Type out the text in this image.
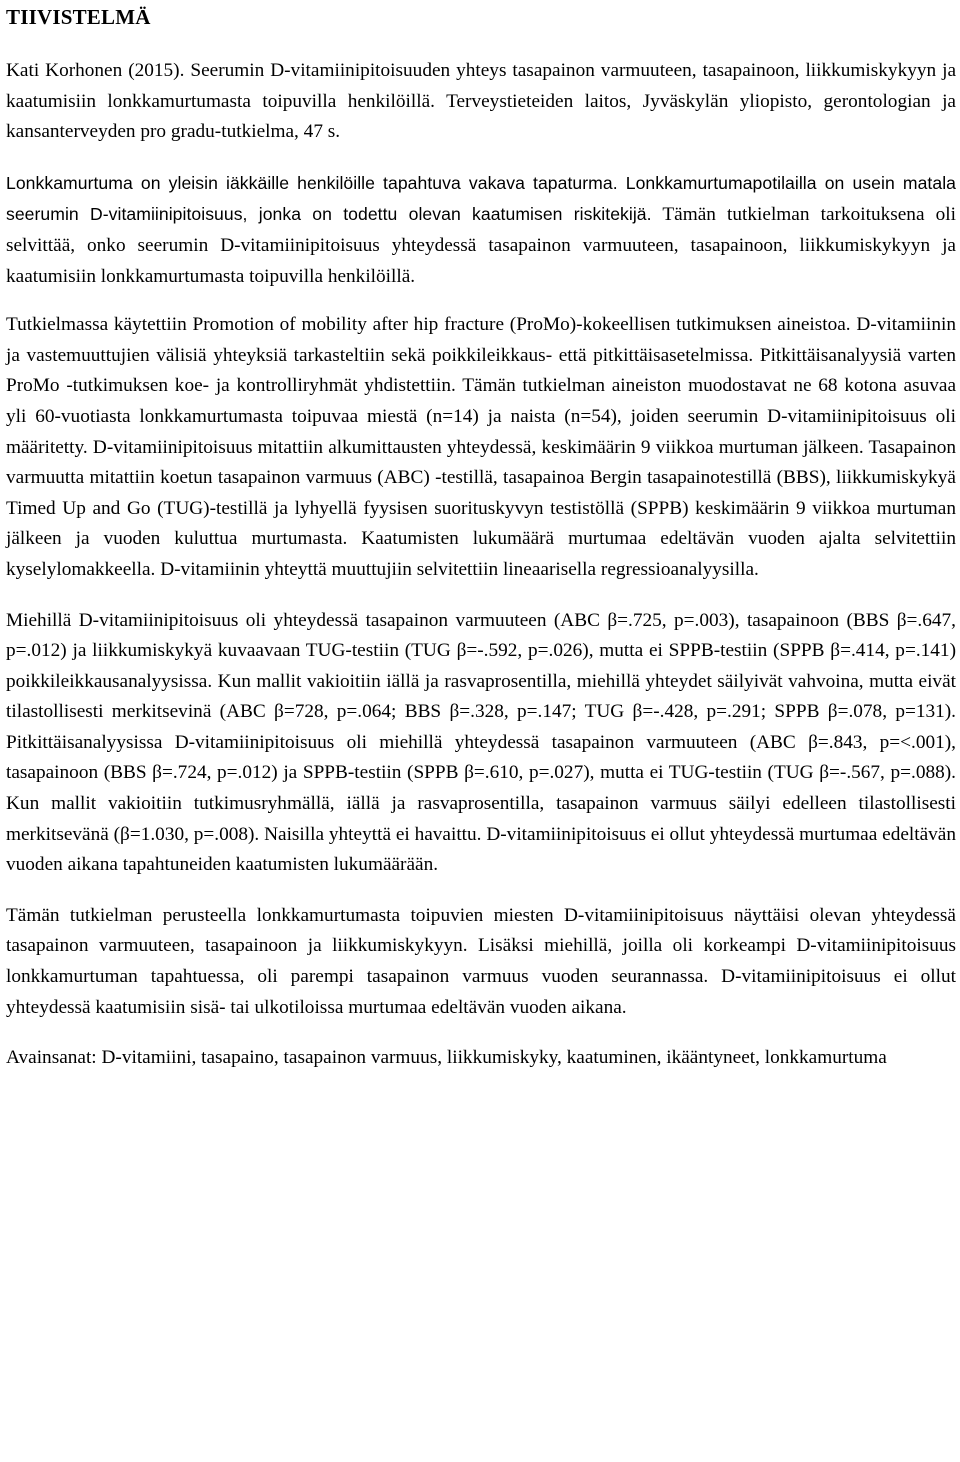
TIIVISTELMÄ

Kati Korhonen (2015). Seerumin D-vitamiinipitoisuuden yhteys tasapainon varmuuteen, tasapainoon, liikkumiskykyyn ja kaatumisiin lonkkamurtumasta toipuvilla henkilöillä. Terveystieteiden laitos, Jyväskylän yliopisto, gerontologian ja kansanterveyden pro gradu-tutkielma, 47 s.

Lonkkamurtuma on yleisin iäkkäille henkilöille tapahtuva vakava tapaturma. Lonkkamurtumapotilailla on usein matala seerumin D-vitamiinipitoisuus, jonka on todettu olevan kaatumisen riskitekijä. Tämän tutkielman tarkoituksena oli selvittää, onko seerumin D-vitamiinipitoisuus yhteydessä tasapainon varmuuteen, tasapainoon, liikkumiskykyyn ja kaatumisiin lonkkamurtumasta toipuvilla henkilöillä.

Tutkielmassa käytettiin Promotion of mobility after hip fracture (ProMo)-kokeellisen tutkimuksen aineistoa. D-vitamiinin ja vastemuuttujien välisiä yhteyksiä tarkasteltiin sekä poikkileikkaus- että pitkittäisasetelmissa. Pitkittäisanalyysiä varten ProMo -tutkimuksen koe- ja kontrolliryhmät yhdistettiin. Tämän tutkielman aineiston muodostavat ne 68 kotona asuvaa yli 60-vuotiasta lonkkamurtumasta toipuvaa miestä (n=14) ja naista (n=54), joiden seerumin D-vitamiinipitoisuus oli määritetty. D-vitamiinipitoisuus mitattiin alkumittausten yhteydessä, keskimäärin 9 viikkoa murtuman jälkeen. Tasapainon varmuutta mitattiin koetun tasapainon varmuus (ABC) -testillä, tasapainoa Bergin tasapainotestillä (BBS), liikkumiskykyä Timed Up and Go (TUG)-testillä ja lyhyellä fyysisen suorituskyvyn testistöllä (SPPB) keskimäärin 9 viikkoa murtuman jälkeen ja vuoden kuluttua murtumasta. Kaatumisten lukumäärä murtumaa edeltävän vuoden ajalta selvitettiin kyselylomakkeella. D-vitamiinin yhteyttä muuttujiin selvitettiin lineaarisella regressioanalyysilla.

Miehillä D-vitamiinipitoisuus oli yhteydessä tasapainon varmuuteen (ABC β=.725, p=.003), tasapainoon (BBS β=.647, p=.012) ja liikkumiskykyä kuvaavaan TUG-testiin (TUG β=-.592, p=.026), mutta ei SPPB-testiin (SPPB β=.414, p=.141) poikkileikkausanalyysissa. Kun mallit vakioitiin iällä ja rasvaprosentilla, miehillä yhteydet säilyivät vahvoina, mutta eivät tilastollisesti merkitsevinä (ABC β=728, p=.064; BBS β=.328, p=.147; TUG β=-.428, p=.291; SPPB β=.078, p=131). Pitkittäisanalyysissa D-vitamiinipitoisuus oli miehillä yhteydessä tasapainon varmuuteen (ABC β=.843, p=<.001), tasapainoon (BBS β=.724, p=.012) ja SPPB-testiin (SPPB β=.610, p=.027), mutta ei TUG-testiin (TUG β=-.567, p=.088). Kun mallit vakioitiin tutkimusryhmällä, iällä ja rasvaprosentilla, tasapainon varmuus säilyi edelleen tilastollisesti merkitsevänä (β=1.030, p=.008). Naisilla yhteyttä ei havaittu. D-vitamiinipitoisuus ei ollut yhteydessä murtumaa edeltävän vuoden aikana tapahtuneiden kaatumisten lukumäärään.

Tämän tutkielman perusteella lonkkamurtumasta toipuvien miesten D-vitamiinipitoisuus näyttäisi olevan yhteydessä tasapainon varmuuteen, tasapainoon ja liikkumiskykyyn. Lisäksi miehillä, joilla oli korkeampi D-vitamiinipitoisuus lonkkamurtuman tapahtuessa, oli parempi tasapainon varmuus vuoden seurannassa. D-vitamiinipitoisuus ei ollut yhteydessä kaatumisiin sisä- tai ulkotiloissa murtumaa edeltävän vuoden aikana.

Avainsanat: D-vitamiini, tasapaino, tasapainon varmuus, liikkumiskyky, kaatuminen, ikääntyneet, lonkkamurtuma
